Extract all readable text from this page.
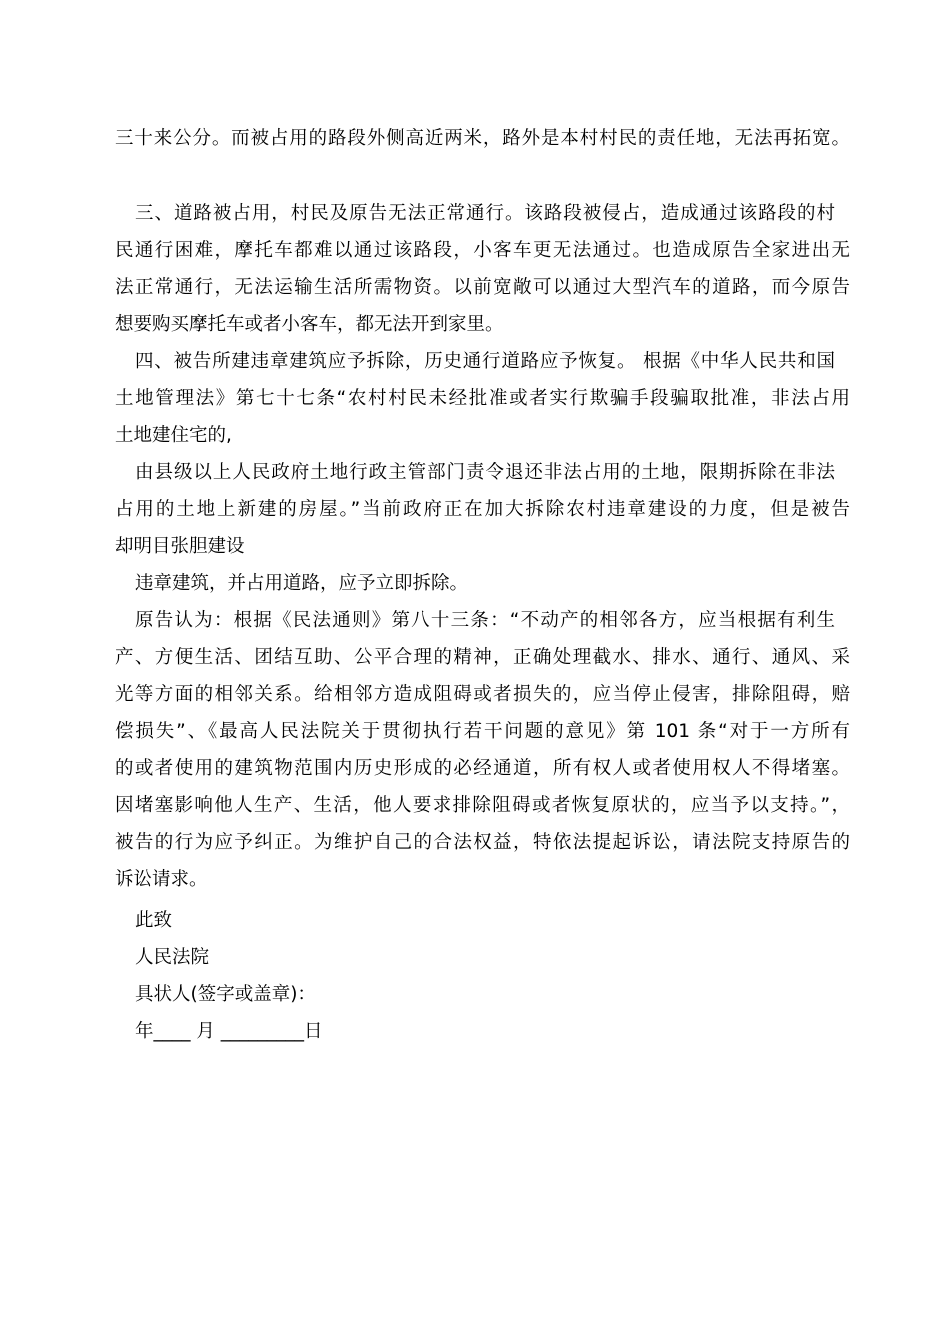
三十来公分。而被占用的路段外侧高近两米，路外是本村村民的责任地，无法再拓宽。
三、道路被占用，村民及原告无法正常通行。该路段被侵占，造成通过该路段的村
民通行困难，摩托车都难以通过该路段，小客车更无法通过。也造成原告全家进出无
法正常通行，无法运输生活所需物资。以前宽敞可以通过大型汽车的道路，而今原告
想要购买摩托车或者小客车，都无法开到家里。
四、被告所建违章建筑应予拆除，历史通行道路应予恢复。 根据《中华人民共和国
土地管理法》第七十七条“农村村民未经批准或者实行欺骗手段骗取批准，非法占用
土地建住宅的,
由县级以上人民政府土地行政主管部门责令退还非法占用的土地，限期拆除在非法
占用的土地上新建的房屋。”当前政府正在加大拆除农村违章建设的力度，但是被告
却明目张胆建设
违章建筑，并占用道路，应予立即拆除。
原告认为：根据《民法通则》第八十三条：“不动产的相邻各方，应当根据有利生
产、方便生活、团结互助、公平合理的精神，正确处理截水、排水、通行、通风、采
光等方面的相邻关系。给相邻方造成阻碍或者损失的，应当停止侵害，排除阻碍，赔
偿损失”、《最高人民法院关于贯彻执行若干问题的意见》第 101 条“对于一方所有
的或者使用的建筑物范围内历史形成的必经通道，所有权人或者使用权人不得堵塞。
因堵塞影响他人生产、生活，他人要求排除阻碍或者恢复原状的，应当予以支持。”，
被告的行为应予纠正。为维护自己的合法权益，特依法提起诉讼，请法院支持原告的
诉讼请求。
此致
人民法院
具状人(签字或盖章)：
年____ 月 _________日
